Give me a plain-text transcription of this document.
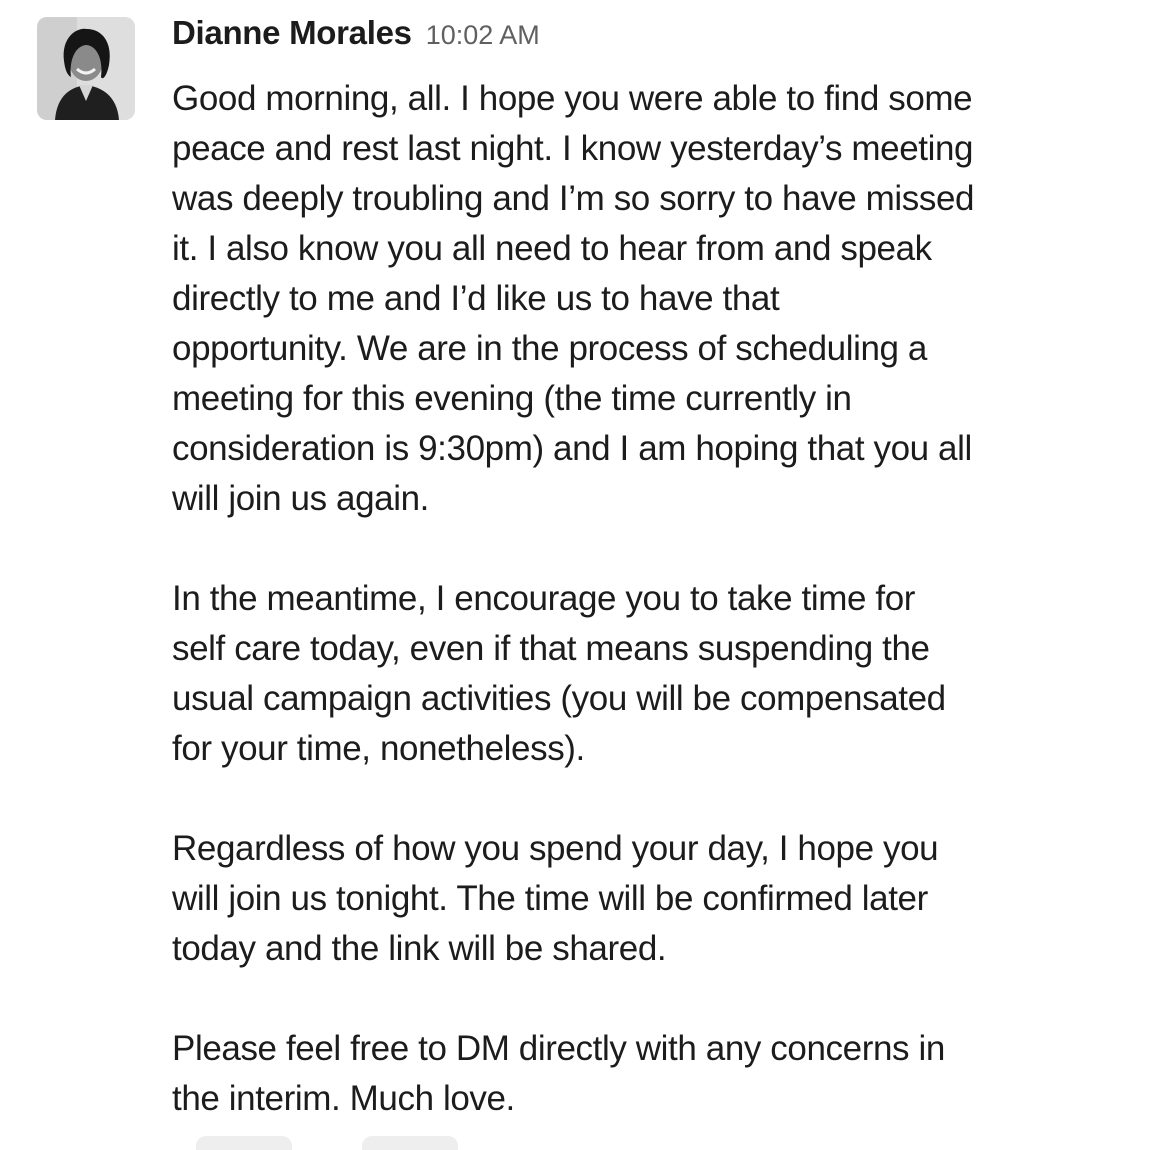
Dianne Morales 10:02 AM

Good morning, all. I hope you were able to find some
peace and rest last night. I know yesterday’s meeting
was deeply troubling and I’m so sorry to have missed
it. I also know you all need to hear from and speak
directly to me and I’d like us to have that
opportunity. We are in the process of scheduling a
meeting for this evening (the time currently in
consideration is 9:30pm) and I am hoping that you all
will join us again.

In the meantime, I encourage you to take time for
self care today, even if that means suspending the
usual campaign activities (you will be compensated
for your time, nonetheless).

Regardless of how you spend your day, I hope you
will join us tonight. The time will be confirmed later
today and the link will be shared.

Please feel free to DM directly with any concerns in
the interim. Much love.
